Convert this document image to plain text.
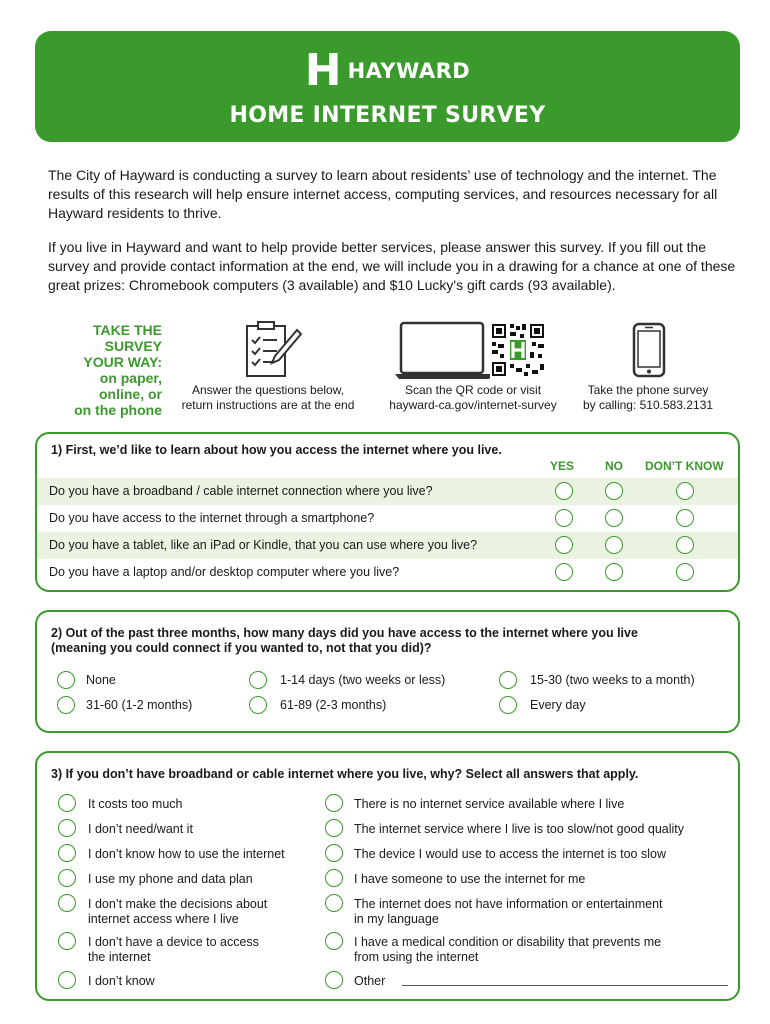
H HAYWARD
HOME INTERNET SURVEY

The City of Hayward is conducting a survey to learn about residents’ use of technology and the internet. The results of this research will help ensure internet access, computing services, and resources necessary for all Hayward residents to thrive.

If you live in Hayward and want to help provide better services, please answer this survey. If you fill out the survey and provide contact information at the end, we will include you in a drawing for a chance at one of these great prizes: Chromebook computers (3 available) and $10 Lucky's gift cards (93 available).

TAKE THE
SURVEY
YOUR WAY:
on paper,
online, or
on the phone
Answer the questions below,
return instructions are at the end
Scan the QR code or visit
hayward-ca.gov/internet-survey
Take the phone survey
by calling: 510.583.2131
1) First, we’d like to learn about how you access the internet where you live.
YES	NO DON’T KNOW
Do you have a broadband / cable internet connection where you live?
Do you have access to the internet through a smartphone?
Do you have a tablet, like an iPad or Kindle, that you can use where you live?
Do you have a laptop and/or desktop computer where you live?
2) Out of the past three months, how many days did you have access to the internet where you live
(meaning you could connect if you wanted to, not that you did)?
None	1-14 days (two weeks or less)	15-30 (two weeks to a month)
31-60 (1-2 months)	61-89 (2-3 months)	Every day
3) If you don’t have broadband or cable internet where you live, why? Select all answers that apply.
It costs too much
I don’t need/want it
I don’t know how to use the internet
I use my phone and data plan
I don’t make the decisions about
internet access where I live
I don’t have a device to access
the internet
I don’t know
There is no internet service available where I live
The internet service where I live is too slow/not good quality
The device I would use to access the internet is too slow
I have someone to use the internet for me
The internet does not have information or entertainment
in my language
I have a medical condition or disability that prevents me
from using the internet
Other
